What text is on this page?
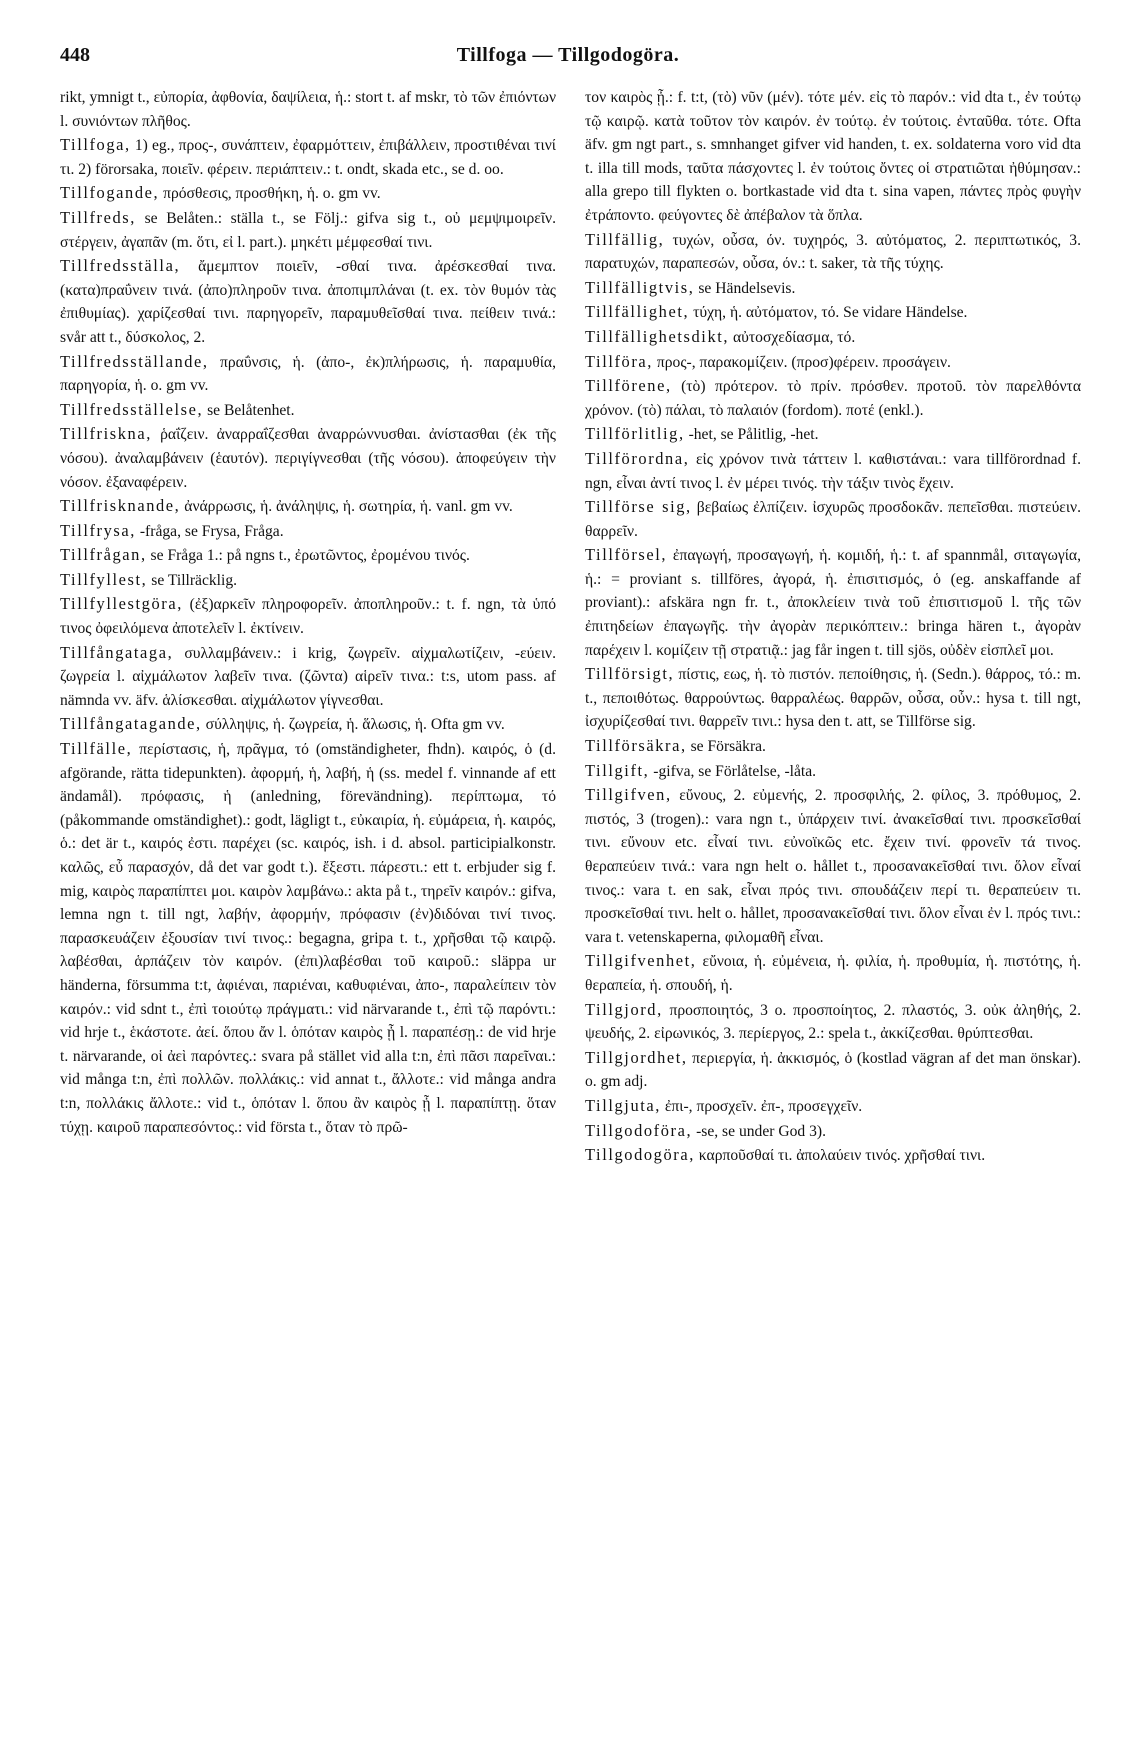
448	Tillfoga — Tillgodogöra.

rikt, ymnigt t., εὐπορία, ἀφθονία, δαψίλεια, ἡ.: stort t. af mskr, τὸ τῶν ἐπιόντων l. συνιόντων πλῆθος.

Tillfoga, 1) eg., προς-, συνάπτειν, ἐφαρμόττειν, ἐπιβάλλειν, προστιθέναι τινί τι. 2) förorsaka, ποιεῖν. φέρειν. περιάπτειν.: t. ondt, skada etc., se d. oo.

Tillfogande, πρόσθεσις, προσθήκη, ἡ. o. gm vv.

Tillfreds, se Belåten.: ställa t., se Följ.: gifva sig t., οὐ μεμψιμοιρεῖν. στέργειν, ἀγαπᾶν (m. ὅτι, εἰ l. part.). μηκέτι μέμφεσθαί τινι.

Tillfredsställa, ἄμεμπτον ποιεῖν, -σθαί τινα. ἀρέσκεσθαί τινα. (κατα)πραΰνειν τινά. (ἀπο)πληροῦν τινα. ἀποπιμπλάναι (t. ex. τὸν θυμόν τὰς ἐπιθυμίας). χαρίζεσθαί τινι. παρηγορεῖν, παραμυθεῖσθαί τινα. πείθειν τινά.: svår att t., δύσκολος, 2.

Tillfredsställande, πραΰνσις, ἡ. (ἀπο-, ἐκ)πλήρωσις, ἡ. παραμυθία, παρηγορία, ἡ. o. gm vv.

Tillfredsställelse, se Belåtenhet.

Tillfriskna, ῥαΐζειν. ἀναρραΐζεσθαι ἀναρρώννυσθαι. ἀνίστασθαι (ἐκ τῆς νόσου). ἀναλαμβάνειν (ἑαυτόν). περιγίγνεσθαι (τῆς νόσου). ἀποφεύγειν τὴν νόσον. ἐξαναφέρειν.

Tillfrisknande, ἀνάρρωσις, ἡ. ἀνάληψις, ἡ. σωτηρία, ἡ. vanl. gm vv.

Tillfrysa, -fråga, se Frysa, Fråga.

Tillfrågan, se Fråga 1.: på ngns t., ἐρωτῶντος, ἐρομένου τινός.

Tillfyllest, se Tillräcklig.

Tillfyllestgöra, (ἐξ)αρκεῖν πληροφορεῖν. ἀποπληροῦν.: t. f. ngn, τὰ ὑπό τινος ὀφειλόμενα ἀποτελεῖν l. ἐκτίνειν.

Tillfångataga, συλλαμβάνειν.: i krig, ζωγρεῖν. αἰχμαλωτίζειν, -εύειν. ζωγρεία l. αἰχμάλωτον λαβεῖν τινα. (ζῶντα) αἱρεῖν τινα.: t:s, utom pass. af nämnda vv. äfv. ἁλίσκεσθαι. αἰχμάλωτον γίγνεσθαι.

Tillfångatagande, σύλληψις, ἡ. ζωγρεία, ἡ. ἅλωσις, ἡ. Ofta gm vv.

Tillfälle, περίστασις, ἡ, πρᾶγμα, τό (omständigheter, fhdn). καιρός, ὁ (d. afgörande, rätta tidepunkten). ἀφορμή, ἡ, λαβή, ἡ (ss. medel f. vinnande af ett ändamål). πρόφασις, ἡ (anledning, förevändning). περίπτωμα, τό (påkommande omständighet).: godt, lägligt t., εὐκαιρία, ἡ. εὐμάρεια, ἡ. καιρός, ὁ.: det är t., καιρός ἐστι. παρέχει (sc. καιρός, ish. i d. absol. participialkonstr. καλῶς, εὖ παρασχόν, då det var godt t.). ἔξεστι. πάρεστι.: ett t. erbjuder sig f. mig, καιρὸς παραπίπτει μοι. καιρὸν λαμβάνω.: akta på t., τηρεῖν καιρόν.: gifva, lemna ngn t. till ngt, λαβήν, ἀφορμήν, πρόφασιν (ἐν)διδόναι τινί τινος. παρασκευάζειν ἐξουσίαν τινί τινος.: begagna, gripa t. t., χρῆσθαι τῷ καιρῷ. λαβέσθαι, ἁρπάζειν τὸν καιρόν. (ἐπι)λαβέσθαι τοῦ καιροῦ.: släppa ur händerna, försumma t:t, ἀφιέναι, παριέναι, καθυφιέναι, ἀπο-, παραλείπειν τὸν καιρόν.: vid sdnt t., ἐπὶ τοιούτῳ πράγματι.: vid närvarande t., ἐπὶ τῷ παρόντι.: vid hrje t., ἑκάστοτε. ἀεί. ὅπου ἄν l. ὁπόταν καιρὸς ᾖ l. παραπέσῃ.: de vid hrje t. närvarande, οἱ ἀεὶ παρόντες.: svara på stället vid alla t:n, ἐπὶ πᾶσι παρεῖναι.: vid många t:n, ἐπὶ πολλῶν. πολλάκις.: vid annat t., ἄλλοτε.: vid många andra t:n, πολλάκις ἄλλοτε.: vid t., ὁπόταν l. ὅπου ἂν καιρὸς ᾖ l. παραπίπτῃ. ὅταν τύχῃ. καιροῦ παραπεσόντος.: vid första t., ὅταν τὸ πρῶ-

τον καιρὸς ᾖ.: f. t:t, (τὸ) νῦν (μέν). τότε μέν. εἰς τὸ παρόν.: vid dta t., ἐν τούτῳ τῷ καιρῷ. κατὰ τοῦτον τὸν καιρόν. ἐν τούτῳ. ἐν τούτοις. ἐνταῦθα. τότε. Ofta äfv. gm ngt part., s. smnhanget gifver vid handen, t. ex. soldaterna voro vid dta t. illa till mods, ταῦτα πάσχοντες l. ἐν τούτοις ὄντες οἱ στρατιῶται ἠθύμησαν.: alla grepo till flykten o. bortkastade vid dta t. sina vapen, πάντες πρὸς φυγὴν ἐτράποντο. φεύγοντες δὲ ἀπέβαλον τὰ ὅπλα.

Tillfällig, τυχών, οὖσα, όν. τυχηρός, 3. αὐτόματος, 2. περιπτωτικός, 3. παρατυχών, παραπεσών, οὖσα, όν.: t. saker, τὰ τῆς τύχης.

Tillfälligtvis, se Händelsevis.

Tillfällighet, τύχη, ἡ. αὐτόματον, τό. Se vidare Händelse.

Tillfällighetsdikt, αὐτοσχεδίασμα, τό.

Tillföra, προς-, παρακομίζειν. (προσ)φέρειν. προσάγειν.

Tillförene, (τὸ) πρότερον. τὸ πρίν. πρόσθεν. προτοῦ. τὸν παρελθόντα χρόνον. (τὸ) πάλαι, τὸ παλαιόν (fordom). ποτέ (enkl.).

Tillförlitlig, -het, se Pålitlig, -het.

Tillförordna, εἰς χρόνον τινὰ τάττειν l. καθιστάναι.: vara tillförordnad f. ngn, εἶναι ἀντί τινος l. ἐν μέρει τινός. τὴν τάξιν τινὸς ἔχειν.

Tillförse sig, βεβαίως ἐλπίζειν. ἰσχυρῶς προσδοκᾶν. πεπεῖσθαι. πιστεύειν. θαρρεῖν.

Tillförsel, ἐπαγωγή, προσαγωγή, ἡ. κομιδή, ἡ.: t. af spannmål, σιταγωγία, ἡ.: = proviant s. tillföres, ἀγορά, ἡ. ἐπισιτισμός, ὁ (eg. anskaffande af proviant).: afskära ngn fr. t., ἀποκλείειν τινὰ τοῦ ἐπισιτισμοῦ l. τῆς τῶν ἐπιτηδείων ἐπαγωγῆς. τὴν ἀγορὰν περικόπτειν.: bringa hären t., ἀγορὰν παρέχειν l. κομίζειν τῇ στρατιᾷ.: jag får ingen t. till sjös, οὐδὲν εἰσπλεῖ μοι.

Tillförsigt, πίστις, εως, ἡ. τὸ πιστόν. πεποίθησις, ἡ. (Sedn.). θάρρος, τό.: m. t., πεποιθότως. θαρρούντως. θαρραλέως. θαρρῶν, οὖσα, οὖν.: hysa t. till ngt, ἰσχυρίζεσθαί τινι. θαρρεῖν τινι.: hysa den t. att, se Tillförse sig.

Tillförsäkra, se Försäkra.

Tillgift, -gifva, se Förlåtelse, -låta.

Tillgifven, εὔνους, 2. εὐμενής, 2. προσφιλής, 2. φίλος, 3. πρόθυμος, 2. πιστός, 3 (trogen).: vara ngn t., ὑπάρχειν τινί. ἀνακεῖσθαί τινι. προσκεῖσθαί τινι. εὔνουν etc. εἶναί τινι. εὐνοϊκῶς etc. ἔχειν τινί. φρονεῖν τά τινος. θεραπεύειν τινά.: vara ngn helt o. hållet t., προσανακεῖσθαί τινι. ὅλον εἶναί τινος.: vara t. en sak, εἶναι πρός τινι. σπουδάζειν περί τι. θεραπεύειν τι. προσκεῖσθαί τινι. helt o. hållet, προσανακεῖσθαί τινι. ὅλον εἶναι ἐν l. πρός τινι.: vara t. vetenskaperna, φιλομαθῆ εἶναι.

Tillgifvenhet, εὔνοια, ἡ. εὐμένεια, ἡ. φιλία, ἡ. προθυμία, ἡ. πιστότης, ἡ. θεραπεία, ἡ. σπουδή, ἡ.

Tillgjord, προσποιητός, 3 o. προσποίητος, 2. πλαστός, 3. οὐκ ἀληθής, 2. ψευδής, 2. εἰρωνικός, 3. περίεργος, 2.: spela t., ἀκκίζεσθαι. θρύπτεσθαι.

Tillgjordhet, περιεργία, ἡ. ἀκκισμός, ὁ (kostlad vägran af det man önskar). o. gm adj.

Tillgjuta, ἐπι-, προσχεῖν. ἐπ-, προσεγχεῖν.

Tillgodoföra, -se, se under God 3).

Tillgodogöra, καρποῦσθαί τι. ἀπολαύειν τινός. χρῆσθαί τινι.
